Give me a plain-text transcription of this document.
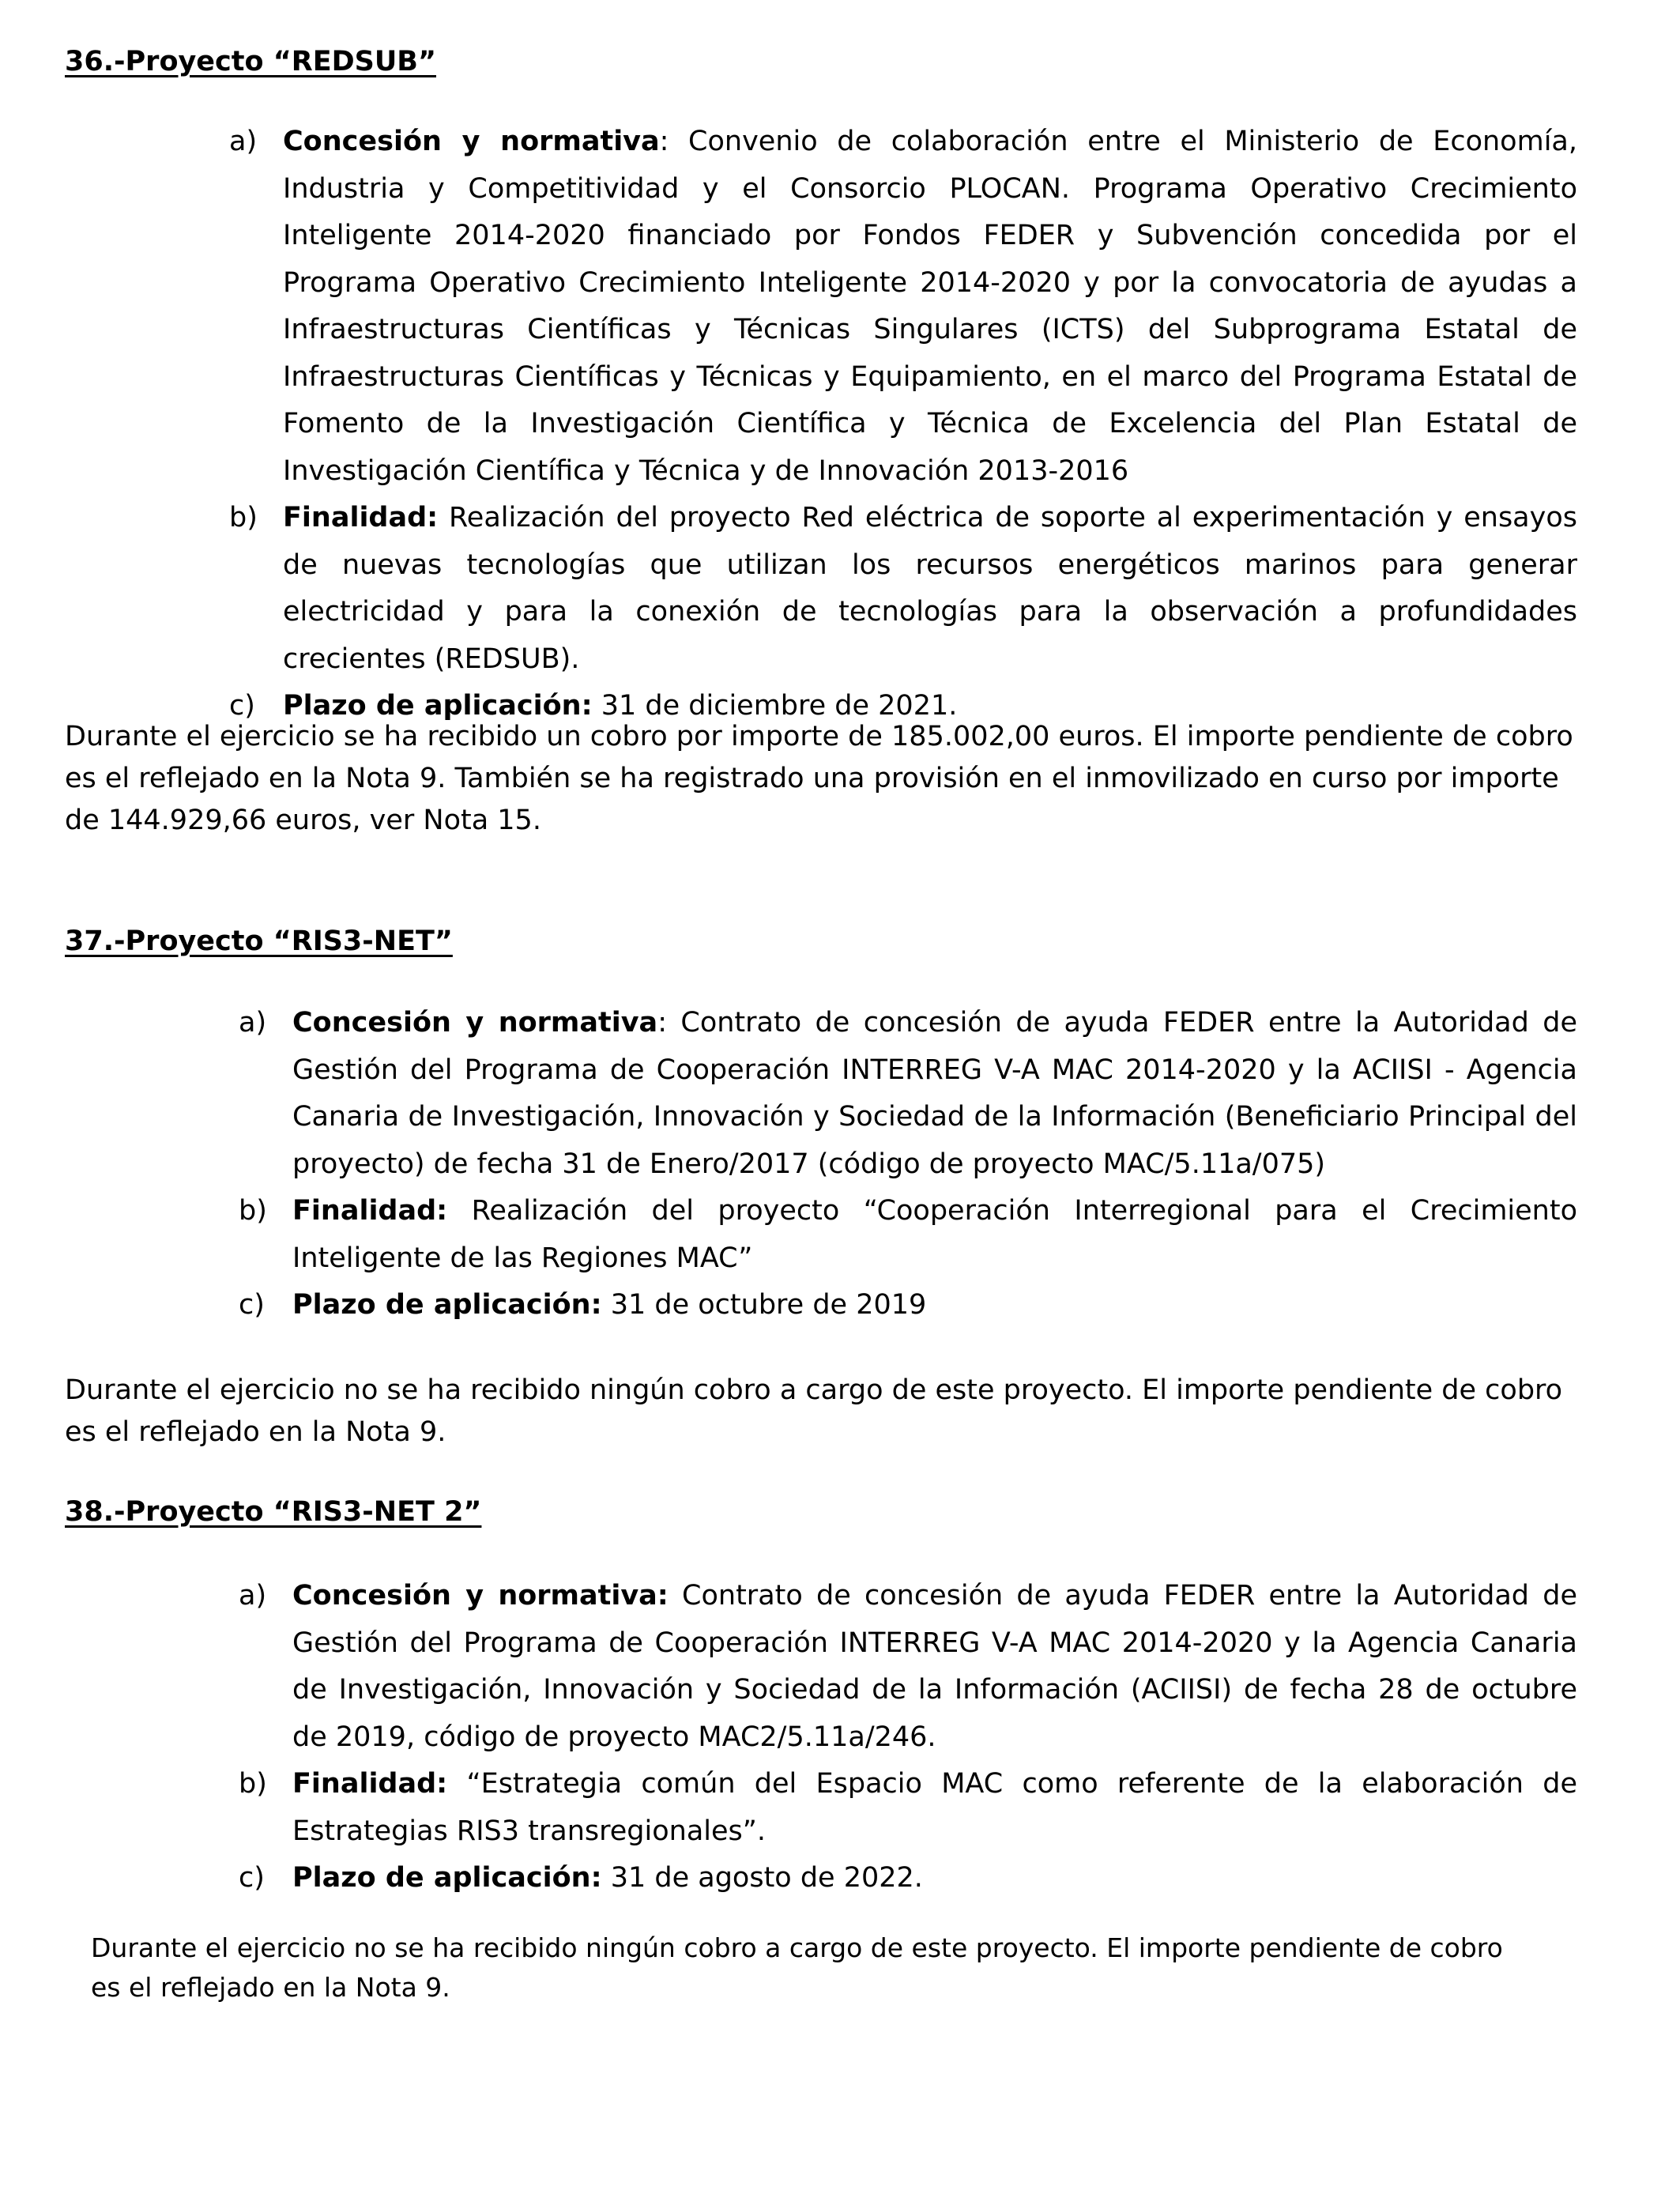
36.-Proyecto “REDSUB”
a) Concesión y normativa: Convenio de colaboración entre el Ministerio de Economía, Industria y Competitividad y el Consorcio PLOCAN. Programa Operativo Crecimiento Inteligente 2014-2020 financiado por Fondos FEDER y Subvención concedida por el Programa Operativo Crecimiento Inteligente 2014-2020 y por la convocatoria de ayudas a Infraestructuras Científicas y Técnicas Singulares (ICTS) del Subprograma Estatal de Infraestructuras Científicas y Técnicas y Equipamiento, en el marco del Programa Estatal de Fomento de la Investigación Científica y Técnica de Excelencia del Plan Estatal de Investigación Científica y Técnica y de Innovación 2013-2016
b) Finalidad: Realización del proyecto Red eléctrica de soporte al experimentación y ensayos de nuevas tecnologías que utilizan los recursos energéticos marinos para generar electricidad y para la conexión de tecnologías para la observación a profundidades crecientes (REDSUB).
c) Plazo de aplicación: 31 de diciembre de 2021.

Durante el ejercicio se ha recibido un cobro por importe de 185.002,00 euros. El importe pendiente de cobro es el reflejado en la Nota 9. También se ha registrado una provisión en el inmovilizado en curso por importe de 144.929,66 euros, ver Nota 15.

37.-Proyecto “RIS3-NET”
a) Concesión y normativa: Contrato de concesión de ayuda FEDER entre la Autoridad de Gestión del Programa de Cooperación INTERREG V-A MAC 2014-2020 y la ACIISI - Agencia Canaria de Investigación, Innovación y Sociedad de la Información (Beneficiario Principal del proyecto) de fecha 31 de Enero/2017 (código de proyecto MAC/5.11a/075)
b) Finalidad: Realización del proyecto “Cooperación Interregional para el Crecimiento Inteligente de las Regiones MAC”
c) Plazo de aplicación: 31 de octubre de 2019

Durante el ejercicio no se ha recibido ningún cobro a cargo de este proyecto. El importe pendiente de cobro es el reflejado en la Nota 9.

38.-Proyecto “RIS3-NET 2”
a) Concesión y normativa: Contrato de concesión de ayuda FEDER entre la Autoridad de Gestión del Programa de Cooperación INTERREG V-A MAC 2014-2020 y la Agencia Canaria de Investigación, Innovación y Sociedad de la Información (ACIISI) de fecha 28 de octubre de 2019, código de proyecto MAC2/5.11a/246.
b) Finalidad: “Estrategia común del Espacio MAC como referente de la elaboración de Estrategias RIS3 transregionales”.
c) Plazo de aplicación: 31 de agosto de 2022.

Durante el ejercicio no se ha recibido ningún cobro a cargo de este proyecto. El importe pendiente de cobro es el reflejado en la Nota 9.
